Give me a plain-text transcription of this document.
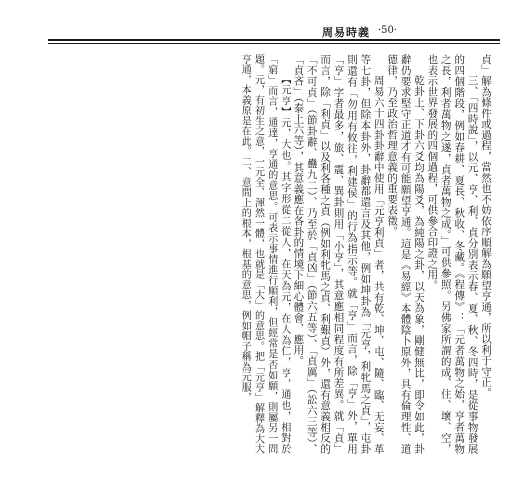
周易時義 ·50·

貞」解為條件或過程，當然也不妨依序順解為願望亨通，所以利于守正。

三、「四時說」，以元、亨、利、貞分別表示春、夏、秋、冬四時，是從事物發展的四個階段，例如春耕、夏長、秋收、冬藏。《程傳》：「元者萬物之始，亨者萬物之長，利者萬物之遂，貞者萬物之成。」可供參照。另佛家所謂的成、住、壞、空，也表示世界發展的四個過程，可供參合印證之用。

乾卦上、下卦六爻均為陽爻，為純陽之卦，以天為象，剛健無比，即令如此，卦辭仍要求堅守正道才有可能願望亨通。這是《易經》本體陰卜原外，具有倫理性、道德律，乃至政治哲理意義的重要表徵。

周易六十四卦卦辭中使用「元亨利貞」者，共有乾、坤、屯、隨、臨、无妄、革等七卦，但除本卦外，卦辭都還言及其他，例如坤卦為「元亨，利牝馬之貞」，屯卦則還有「勿用有攸往，利建侯」的行為指示等。就「亨」而言，除「亨」外，單用「亨」字者最多，旅、震、巽卦則用「小亨」，其意應相同程度有所差異。就「貞」而言，除「利貞」以及利各種之貞（例如利牝馬之貞、利艱貞）外，還有意義相反的「不可貞」（節卦辭、蠱九二）、乃至於「貞凶」（節六五等）、「貞厲」（訟六三等）、「貞吝」（泰上六等），其意義應在各卦的情境下細心體會、應用。

【元亨】元，大也。其字形從二從人，在天為元，在人為仁，亨，通也，相對於「窮」而言，通達，亨通的意思。可表示事情進行順利，但經常是否如願，則屬另一問題。元，有初生之意，一元全、渾然一體，也就是「大」的意思。把「元亨」解釋為大大亨通，本義原是在此。二、意間上的根本，根基的意思，例如帽子稱為元服，
